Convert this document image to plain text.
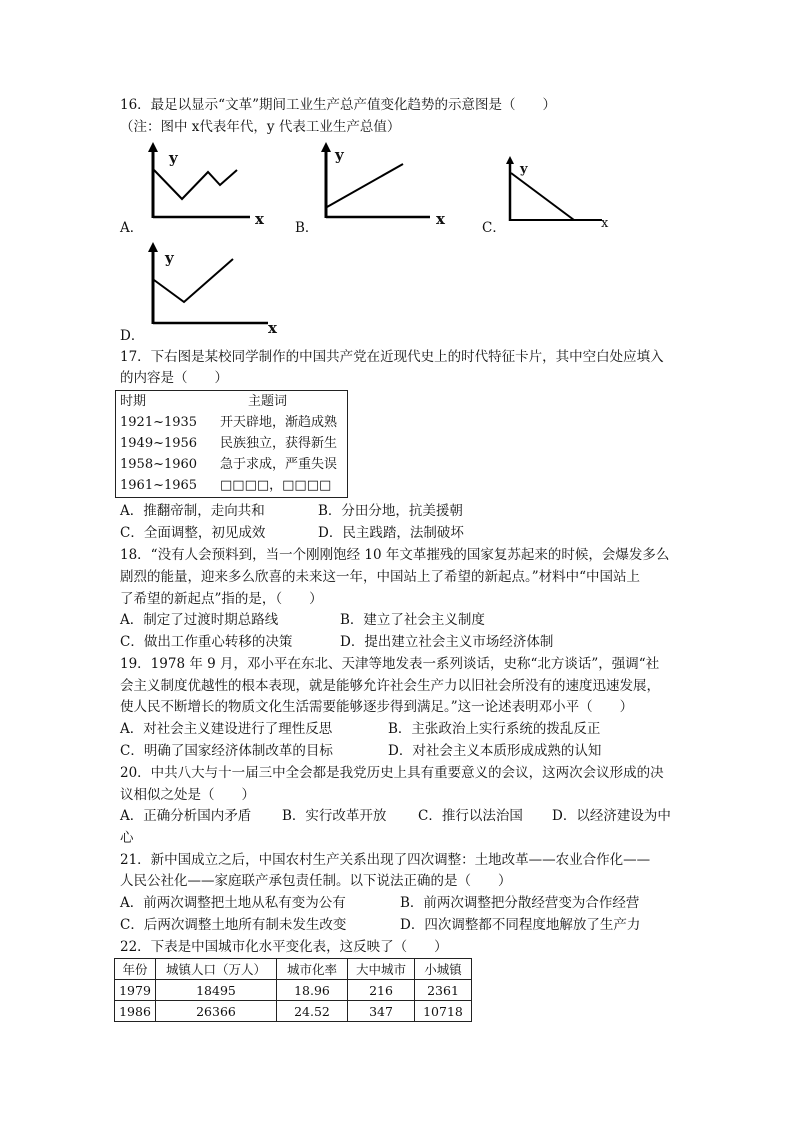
16．最足以显示“文革”期间工业生产总产值变化趋势的示意图是（　　）
（注：图中 x代表年代，y 代表工业生产总值）
y
x
A．
y
x
B．
y
x
C．
y
x
D．
17．下右图是某校同学制作的中国共产党在近现代史上的时代特征卡片，其中空白处应填入
的内容是（　　）
时期	主题词
1921~1935 开天辟地，渐趋成熟
1949~1956 民族独立，获得新生
1958~1960 急于求成，严重失误
1961~1965 □□□□，□□□□
A．推翻帝制，走向共和	B．分田分地，抗美援朝
C．全面调整，初见成效	D．民主践踏，法制破坏
18．“没有人会预料到，当一个刚刚饱经 10 年文革摧残的国家复苏起来的时候，会爆发多么
剧烈的能量，迎来多么欣喜的未来这一年，中国站上了希望的新起点。”材料中“中国站上
了希望的新起点”指的是，（　　）
A．制定了过渡时期总路线	B．建立了社会主义制度
C．做出工作重心转移的决策	D．提出建立社会主义市场经济体制
19．1978 年 9 月，邓小平在东北、天津等地发表一系列谈话，史称“北方谈话”，强调“社
会主义制度优越性的根本表现，就是能够允许社会生产力以旧社会所没有的速度迅速发展，
使人民不断增长的物质文化生活需要能够逐步得到满足。”这一论述表明邓小平（　　）
A．对社会主义建设进行了理性反思	B．主张政治上实行系统的拨乱反正
C．明确了国家经济体制改革的目标	D．对社会主义本质形成成熟的认知
20．中共八大与十一届三中全会都是我党历史上具有重要意义的会议，这两次会议形成的决
议相似之处是（　　）
A．正确分析国内矛盾 B．实行改革开放 C．推行以法治国 D．以经济建设为中
心
21．新中国成立之后，中国农村生产关系出现了四次调整：土地改革——农业合作化——
人民公社化——家庭联产承包责任制。以下说法正确的是（　　）
A．前两次调整把土地从私有变为公有	B．前两次调整把分散经营变为合作经营
C．后两次调整土地所有制未发生改变	D．四次调整都不同程度地解放了生产力
22．下表是中国城市化水平变化表，这反映了（　　）
年份	城镇人口（万人）	城市化率	大中城市	小城镇
1979	18495	18.96	216	2361
1986	26366	24.52	347	10718
